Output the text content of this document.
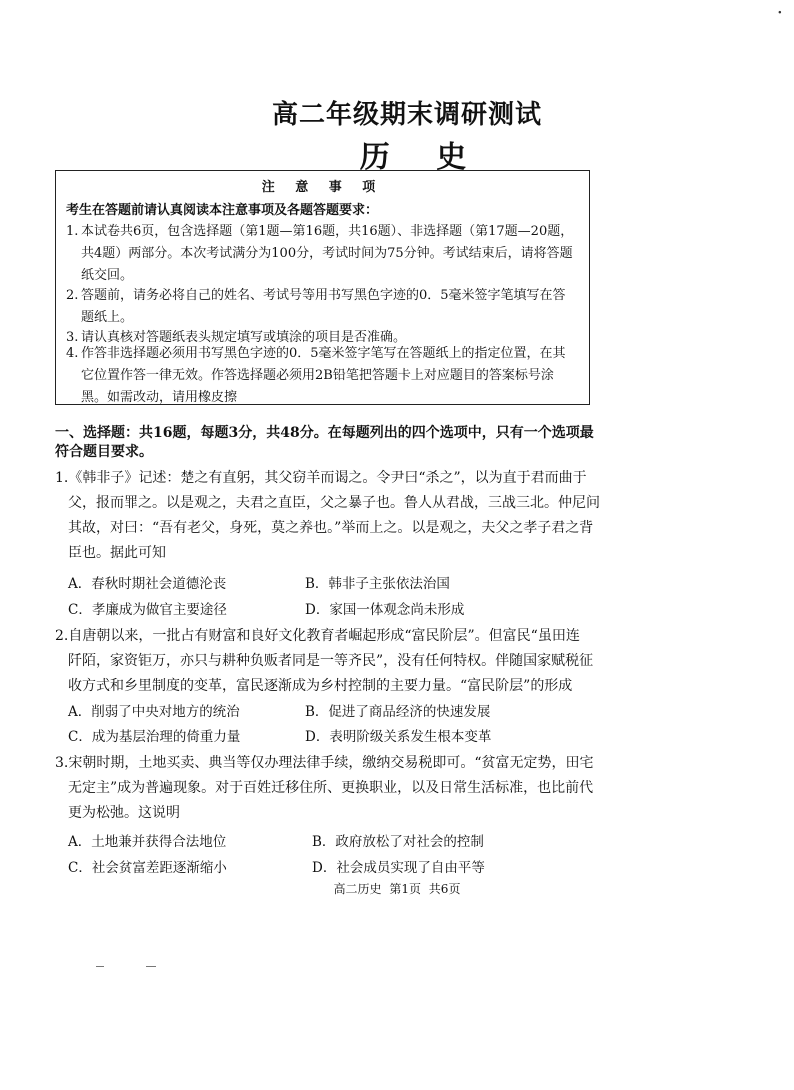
高二年级期末调研测试
历 史
注 意 事 项
考生在答题前请认真阅读本注意事项及各题答题要求：
1. 本试卷共6页，包含选择题（第1题—第16题，共16题）、非选择题（第17题—20题，共4题）两部分。本次考试满分为100分，考试时间为75分钟。考试结束后，请将答题纸交回。
2. 答题前，请务必将自己的姓名、考试号等用书写黑色字迹的0．5毫米签字笔填写在答题纸上。
3. 请认真核对答题纸表头规定填写或填涂的项目是否准确。
4. 作答非选择题必须用书写黑色字迹的0．5毫米签字笔写在答题纸上的指定位置，在其它位置作答一律无效。作答选择题必须用2B铅笔把答题卡上对应题目的答案标号涂黑。如需改动，请用橡皮擦
一、选择题：共16题，每题3分，共48分。在每题列出的四个选项中，只有一个选项最符合题目要求。
1.《韩非子》记述：楚之有直躬，其父窃羊而谒之。令尹曰“杀之”，以为直于君而曲于
父，报而罪之。以是观之，夫君之直臣，父之暴子也。鲁人从君战，三战三北。仲尼问
其故，对曰：“吾有老父，身死，莫之养也。”举而上之。以是观之，夫父之孝子君之背
臣也。据此可知
A．春秋时期社会道德沦丧	B．韩非子主张依法治国
C．孝廉成为做官主要途径	D．家国一体观念尚未形成
2.自唐朝以来，一批占有财富和良好文化教育者崛起形成“富民阶层”。但富民“虽田连
阡陌，家资钜万，亦只与耕种负贩者同是一等齐民”，没有任何特权。伴随国家赋税征
收方式和乡里制度的变革，富民逐渐成为乡村控制的主要力量。“富民阶层”的形成
A．削弱了中央对地方的统治	B．促进了商品经济的快速发展
C．成为基层治理的倚重力量	D．表明阶级关系发生根本变革
3.宋朝时期，土地买卖、典当等仅办理法律手续，缴纳交易税即可。“贫富无定势，田宅
无定主”成为普遍现象。对于百姓迁移住所、更换职业，以及日常生活标准，也比前代
更为松弛。这说明
A．土地兼并获得合法地位	B．政府放松了对社会的控制
C．社会贫富差距逐渐缩小	D．社会成员实现了自由平等
高二历史 第1页 共6页
∙
